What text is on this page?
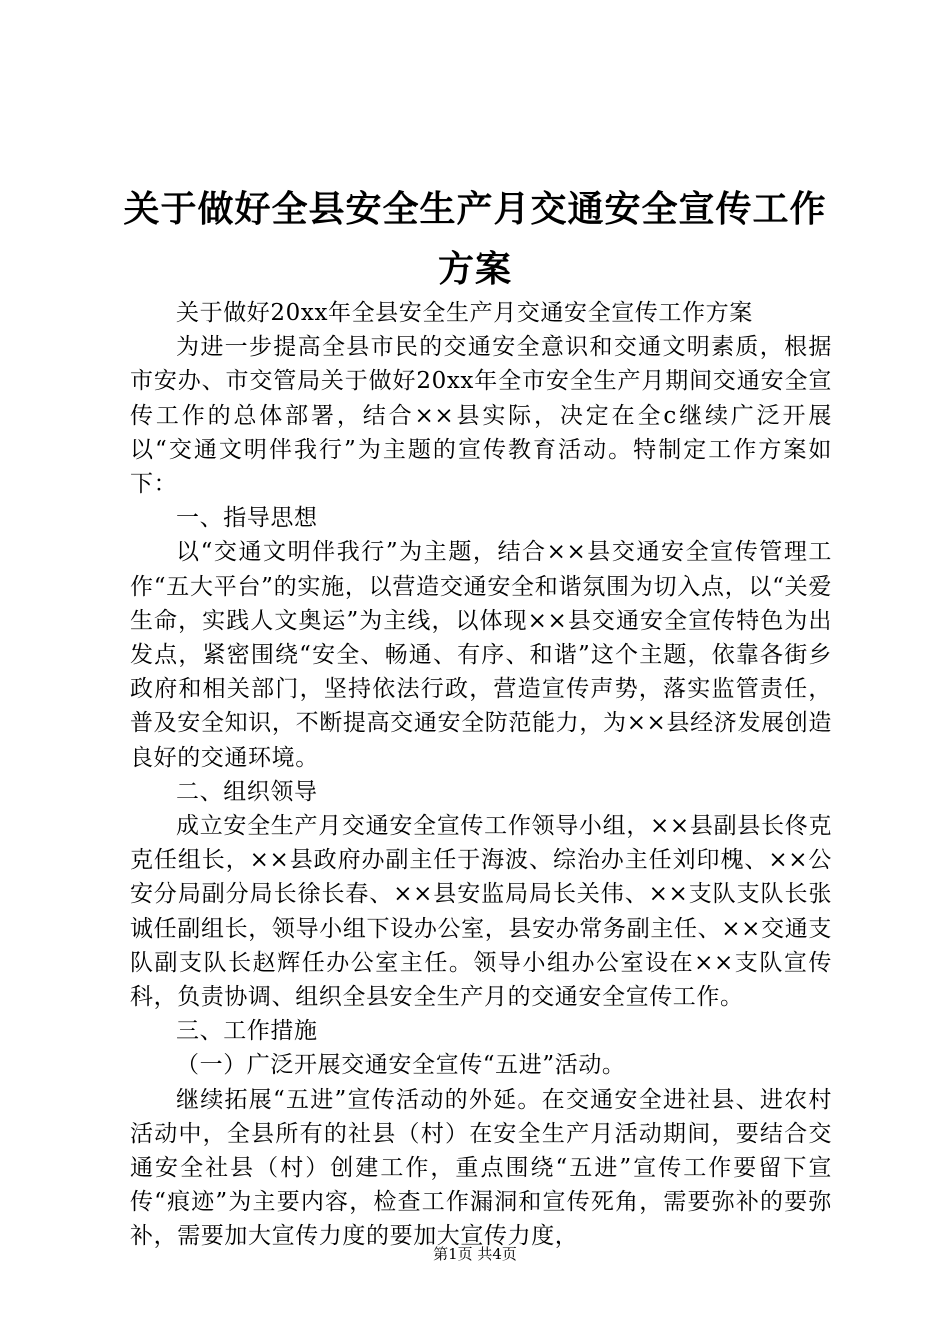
关于做好全县安全生产月交通安全宣传工作方案

关于做好20xx年全县安全生产月交通安全宣传工作方案

为进一步提高全县市民的交通安全意识和交通文明素质，根据市安办、市交管局关于做好20xx年全市安全生产月期间交通安全宣传工作的总体部署，结合××县实际，决定在全c继续广泛开展以“交通文明伴我行”为主题的宣传教育活动。特制定工作方案如下：

一、指导思想

以“交通文明伴我行”为主题，结合××县交通安全宣传管理工作“五大平台”的实施，以营造交通安全和谐氛围为切入点，以“关爱生命，实践人文奥运”为主线，以体现××县交通安全宣传特色为出发点，紧密围绕“安全、畅通、有序、和谐”这个主题，依靠各街乡政府和相关部门，坚持依法行政，营造宣传声势，落实监管责任，普及安全知识，不断提高交通安全防范能力，为××县经济发展创造良好的交通环境。

二、组织领导

成立安全生产月交通安全宣传工作领导小组，××县副县长佟克克任组长，××县政府办副主任于海波、综治办主任刘印槐、××公安分局副分局长徐长春、××县安监局局长关伟、××支队支队长张诚任副组长，领导小组下设办公室，县安办常务副主任、××交通支队副支队长赵辉任办公室主任。领导小组办公室设在××支队宣传科，负责协调、组织全县安全生产月的交通安全宣传工作。

三、工作措施

（一）广泛开展交通安全宣传“五进”活动。

继续拓展“五进”宣传活动的外延。在交通安全进社县、进农村活动中，全县所有的社县（村）在安全生产月活动期间，要结合交通安全社县（村）创建工作，重点围绕“五进”宣传工作要留下宣传“痕迹”为主要内容，检查工作漏洞和宣传死角，需要弥补的要弥补，需要加大宣传力度的要加大宣传力度，

第1页 共4页
